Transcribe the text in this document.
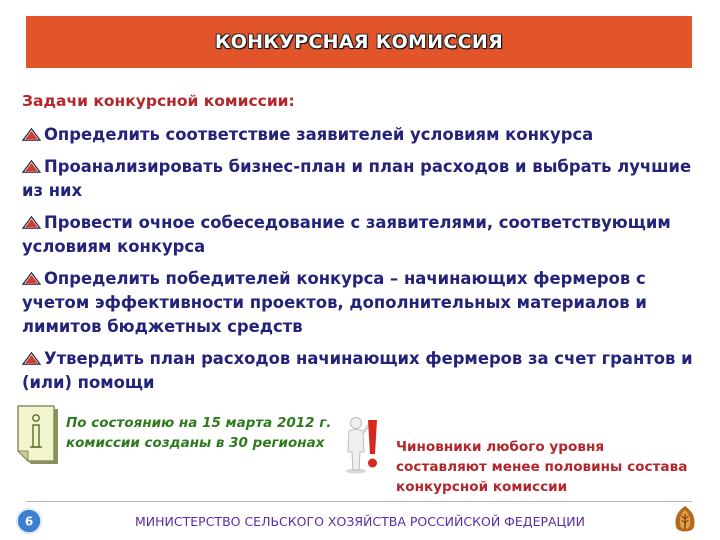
КОНКУРСНАЯ КОМИССИЯ
Задачи конкурсной комиссии:
Определить соответствие заявителей условиям конкурса
Проанализировать бизнес-план и план расходов и выбрать лучшие из них
Провести очное собеседование с заявителями, соответствующим условиям конкурса
Определить победителей конкурса – начинающих фермеров с учетом эффективности проектов, дополнительных материалов и лимитов бюджетных средств
Утвердить план расходов начинающих фермеров за счет грантов и (или) помощи
По состоянию на 15 марта 2012 г. комиссии созданы в 30 регионах	Чиновники любого уровня составляют менее половины состава конкурсной комиссии
6	МИНИСТЕРСТВО СЕЛЬСКОГО ХОЗЯЙСТВА РОССИЙСКОЙ ФЕДЕРАЦИИ
